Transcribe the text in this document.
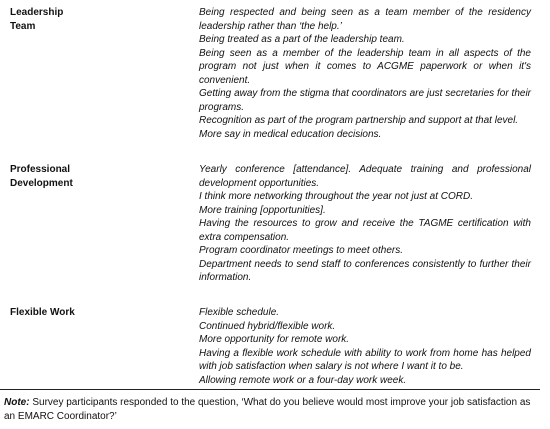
Leadership
Team

Being respected and being seen as a team member of the residency leadership rather than ‘the help.’

Being treated as a part of the leadership team.

Being seen as a member of the leadership team in all aspects of the program not just when it comes to ACGME paperwork or when it's convenient.

Getting away from the stigma that coordinators are just secretaries for their programs.

Recognition as part of the program partnership and support at that level.

More say in medical education decisions.

Professional
Development

Yearly conference [attendance]. Adequate training and professional development opportunities.

I think more networking throughout the year not just at CORD.

More training [opportunities].

Having the resources to grow and receive the TAGME certification with extra compensation.

Program coordinator meetings to meet others.

Department needs to send staff to conferences consistently to further their information.

Flexible Work	Flexible schedule.

Continued hybrid/flexible work.

More opportunity for remote work.

Having a flexible work schedule with ability to work from home has helped with job satisfaction when salary is not where I want it to be.

Allowing remote work or a four-day work week.

Note: Survey participants responded to the question, ‘What do you believe would most improve your job satisfaction as an EMARC Coordinator?’
